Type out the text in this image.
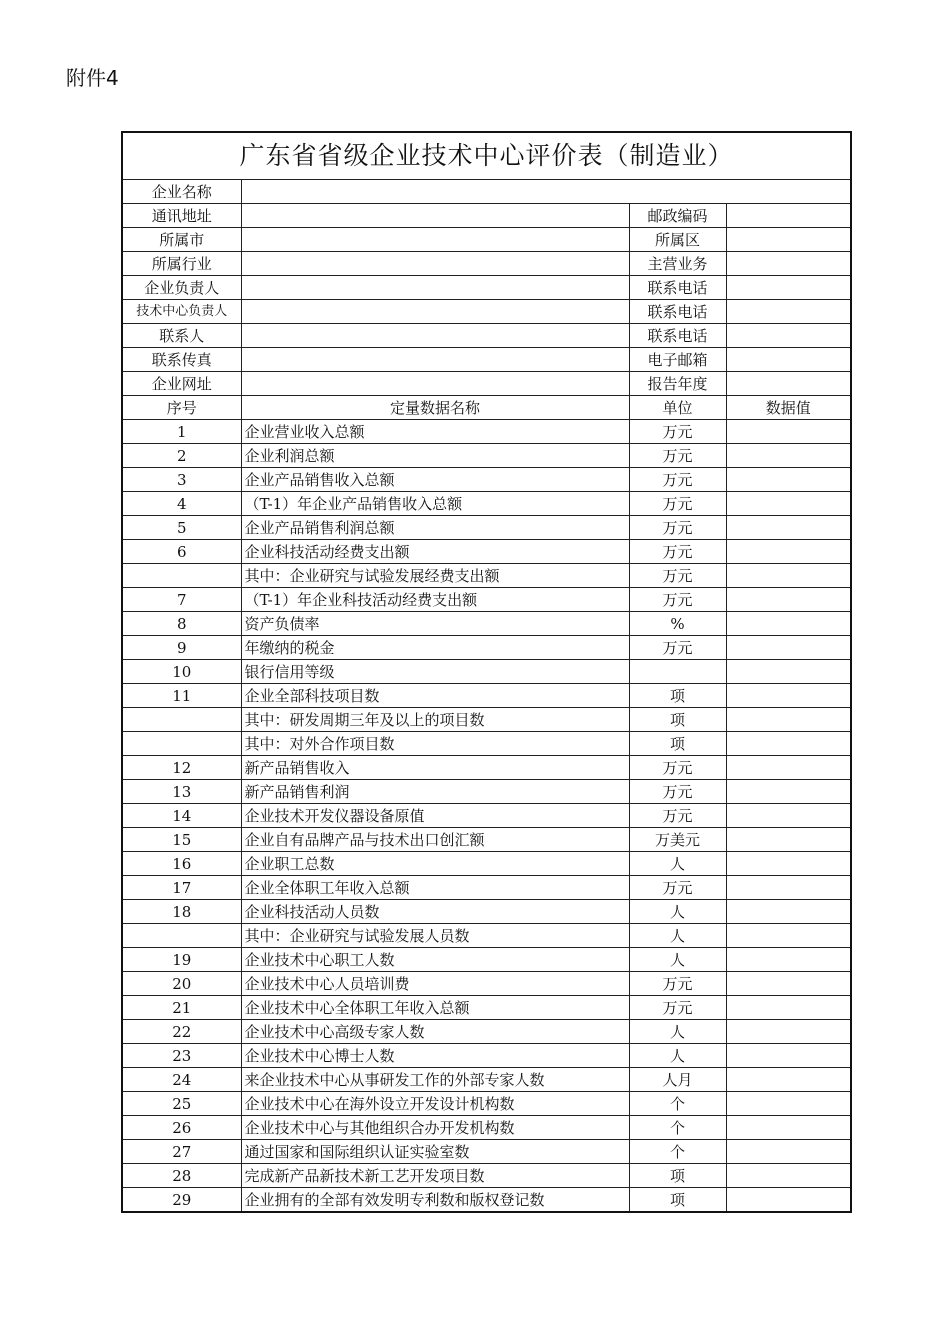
附件4
广东省省级企业技术中心评价表（制造业）			
企业名称			
通讯地址		邮政编码	
所属市		所属区	
所属行业		主营业务	
企业负责人		联系电话	
技术中心负责人		联系电话	
联系人		联系电话	
联系传真		电子邮箱	
企业网址		报告年度	
序号	定量数据名称	单位	数据值
1	企业营业收入总额	万元	
2	企业利润总额	万元	
3	企业产品销售收入总额	万元	
4	（T-1）年企业产品销售收入总额	万元	
5	企业产品销售利润总额	万元	
6	企业科技活动经费支出额	万元	
	其中：企业研究与试验发展经费支出额	万元	
7	（T-1）年企业科技活动经费支出额	万元	
8	资产负债率	%	
9	年缴纳的税金	万元	
10	银行信用等级		
11	企业全部科技项目数	项	
	其中：研发周期三年及以上的项目数	项	
	其中：对外合作项目数	项	
12	新产品销售收入	万元	
13	新产品销售利润	万元	
14	企业技术开发仪器设备原值	万元	
15	企业自有品牌产品与技术出口创汇额	万美元	
16	企业职工总数	人	
17	企业全体职工年收入总额	万元	
18	企业科技活动人员数	人	
	其中：企业研究与试验发展人员数	人	
19	企业技术中心职工人数	人	
20	企业技术中心人员培训费	万元	
21	企业技术中心全体职工年收入总额	万元	
22	企业技术中心高级专家人数	人	
23	企业技术中心博士人数	人	
24	来企业技术中心从事研发工作的外部专家人数	人月	
25	企业技术中心在海外设立开发设计机构数	个	
26	企业技术中心与其他组织合办开发机构数	个	
27	通过国家和国际组织认证实验室数	个	
28	完成新产品新技术新工艺开发项目数	项	
29	企业拥有的全部有效发明专利数和版权登记数	项	
